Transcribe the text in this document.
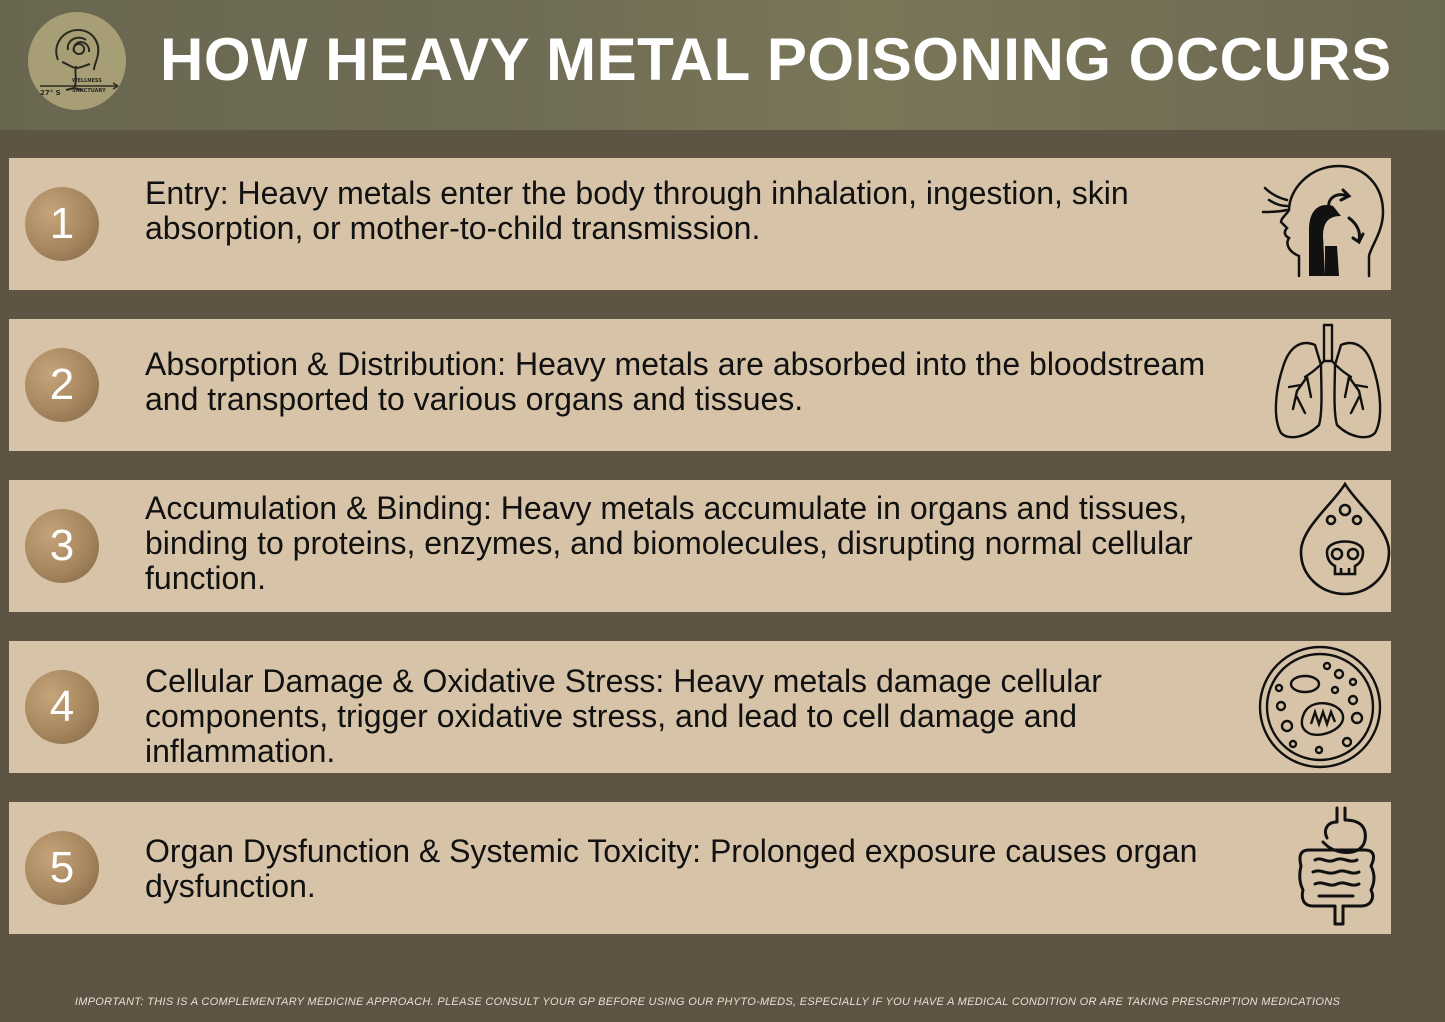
WELLNESS
SANCTUARY
27° S HOW HEAVY METAL POISONING OCCURS
1
Entry: Heavy metals enter the body through inhalation, ingestion, skin absorption, or mother-to-child transmission.
2	Absorption & Distribution: Heavy metals are absorbed into the bloodstream and transported to various organs and tissues.
3
Accumulation & Binding: Heavy metals accumulate in organs and tissues, binding to proteins, enzymes, and biomolecules, disrupting normal cellular function.
4
Cellular Damage & Oxidative Stress: Heavy metals damage cellular components, trigger oxidative stress, and lead to cell damage and inflammation.
5	Organ Dysfunction & Systemic Toxicity: Prolonged exposure causes organ dysfunction.
IMPORTANT: THIS IS A COMPLEMENTARY MEDICINE APPROACH. PLEASE CONSULT YOUR GP BEFORE USING OUR PHYTO-MEDS, ESPECIALLY IF YOU HAVE A MEDICAL CONDITION OR ARE TAKING PRESCRIPTION MEDICATIONS
